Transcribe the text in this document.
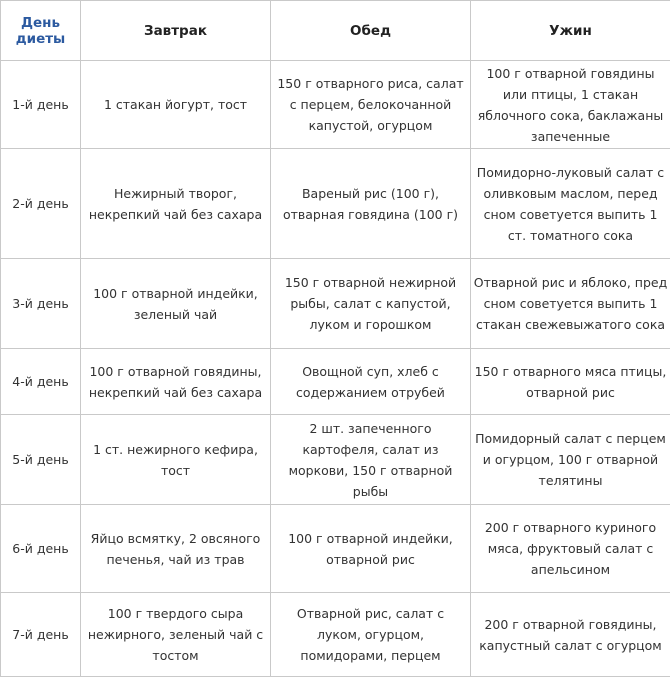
День диеты	Завтрак	Обед	Ужин
1-й день	1 стакан йогурт, тост	150 г отварного риса, салат с перцем, белокочанной капустой, огурцом	100 г отварной говядины или птицы, 1 стакан яблочного сока, баклажаны запеченные
2-й день	Нежирный творог, некрепкий чай без сахара	Вареный рис (100 г), отварная говядина (100 г)	Помидорно-луковый салат с оливковым маслом, перед сном советуется выпить 1 ст. томатного сока
3-й день	100 г отварной индейки, зеленый чай	150 г отварной нежирной рыбы, салат с капустой, луком и горошком	Отварной рис и яблоко, пред сном советуется выпить 1 стакан свежевыжатого сока
4-й день	100 г отварной говядины, некрепкий чай без сахара	Овощной суп, хлеб с содержанием отрубей	150 г отварного мяса птицы, отварной рис
5-й день	1 ст. нежирного кефира, тост	2 шт. запеченного картофеля, салат из моркови, 150 г отварной рыбы	Помидорный салат с перцем и огурцом, 100 г отварной телятины
6-й день	Яйцо всмятку, 2 овсяного печенья, чай из трав	100 г отварной индейки, отварной рис	200 г отварного куриного мяса, фруктовый салат с апельсином
7-й день	100 г твердого сыра нежирного, зеленый чай с тостом	Отварной рис, салат с луком, огурцом, помидорами, перцем	200 г отварной говядины, капустный салат с огурцом
